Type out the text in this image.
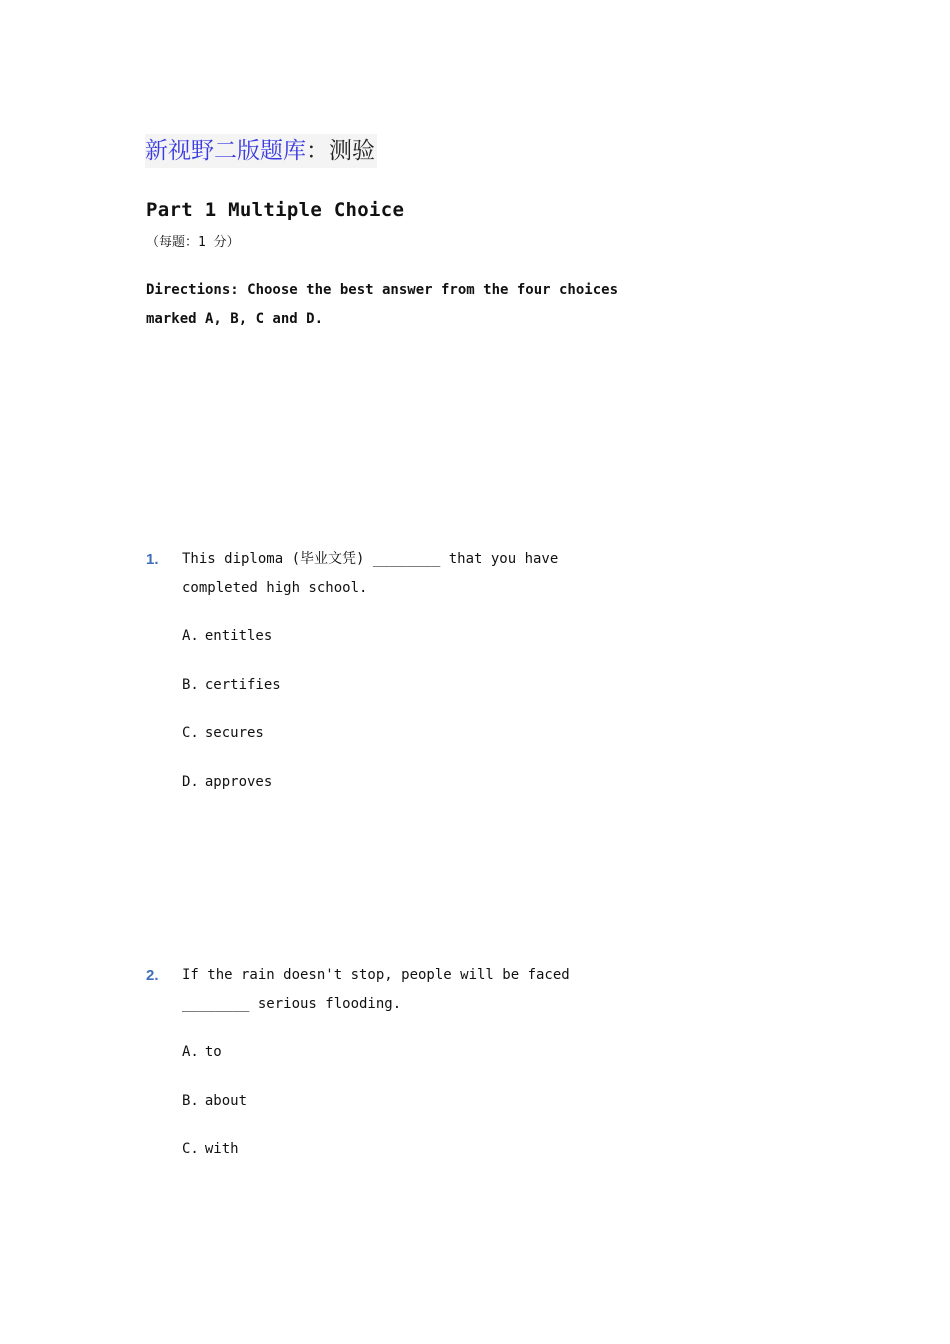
新视野二版题库：测验
Part 1 Multiple Choice
（每题：1 分）
Directions: Choose the best answer from the four choices marked A, B, C and D.
1. This diploma (毕业文凭) ________ that you have completed high school.
A. entitles
B. certifies
C. secures
D. approves
2. If the rain doesn't stop, people will be faced ________ serious flooding.
A. to
B. about
C. with
